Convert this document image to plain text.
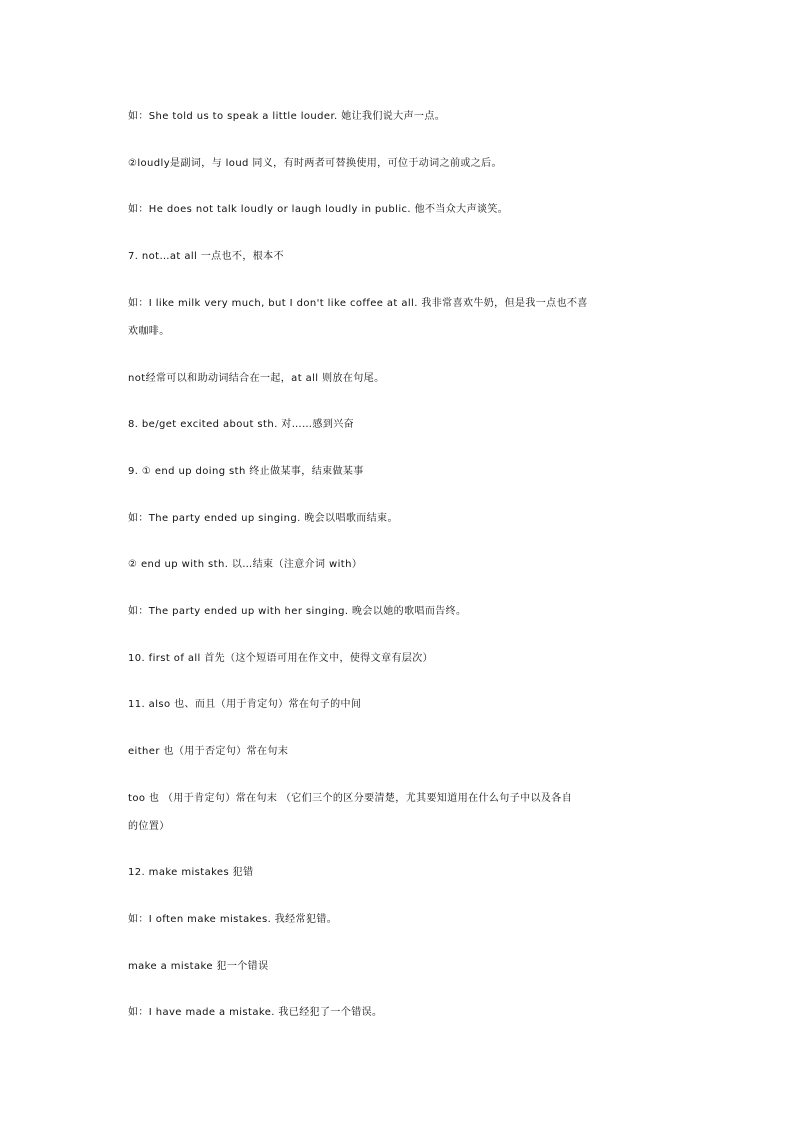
如：She told us to speak a little louder. 她让我们说大声一点。
②loudly是副词，与 loud 同义，有时两者可替换使用，可位于动词之前或之后。
如：He does not talk loudly or laugh loudly in public. 他不当众大声谈笑。
7. not…at all 一点也不，根本不
如：I like milk very much, but I don't like coffee at all. 我非常喜欢牛奶，但是我一点也不喜
欢咖啡。
not经常可以和助动词结合在一起，at all 则放在句尾。
8. be/get excited about sth. 对……感到兴奋
9. ① end up doing sth 终止做某事，结束做某事
如：The party ended up singing. 晚会以唱歌而结束。
② end up with sth. 以…结束（注意介词 with）
如：The party ended up with her singing. 晚会以她的歌唱而告终。
10. first of all 首先（这个短语可用在作文中，使得文章有层次）
11. also 也、而且（用于肯定句）常在句子的中间
either 也（用于否定句）常在句末
too 也 （用于肯定句）常在句末 （它们三个的区分要清楚，尤其要知道用在什么句子中以及各自
的位置）
12. make mistakes 犯错
如：I often make mistakes. 我经常犯错。
make a mistake 犯一个错误
如：I have made a mistake. 我已经犯了一个错误。
